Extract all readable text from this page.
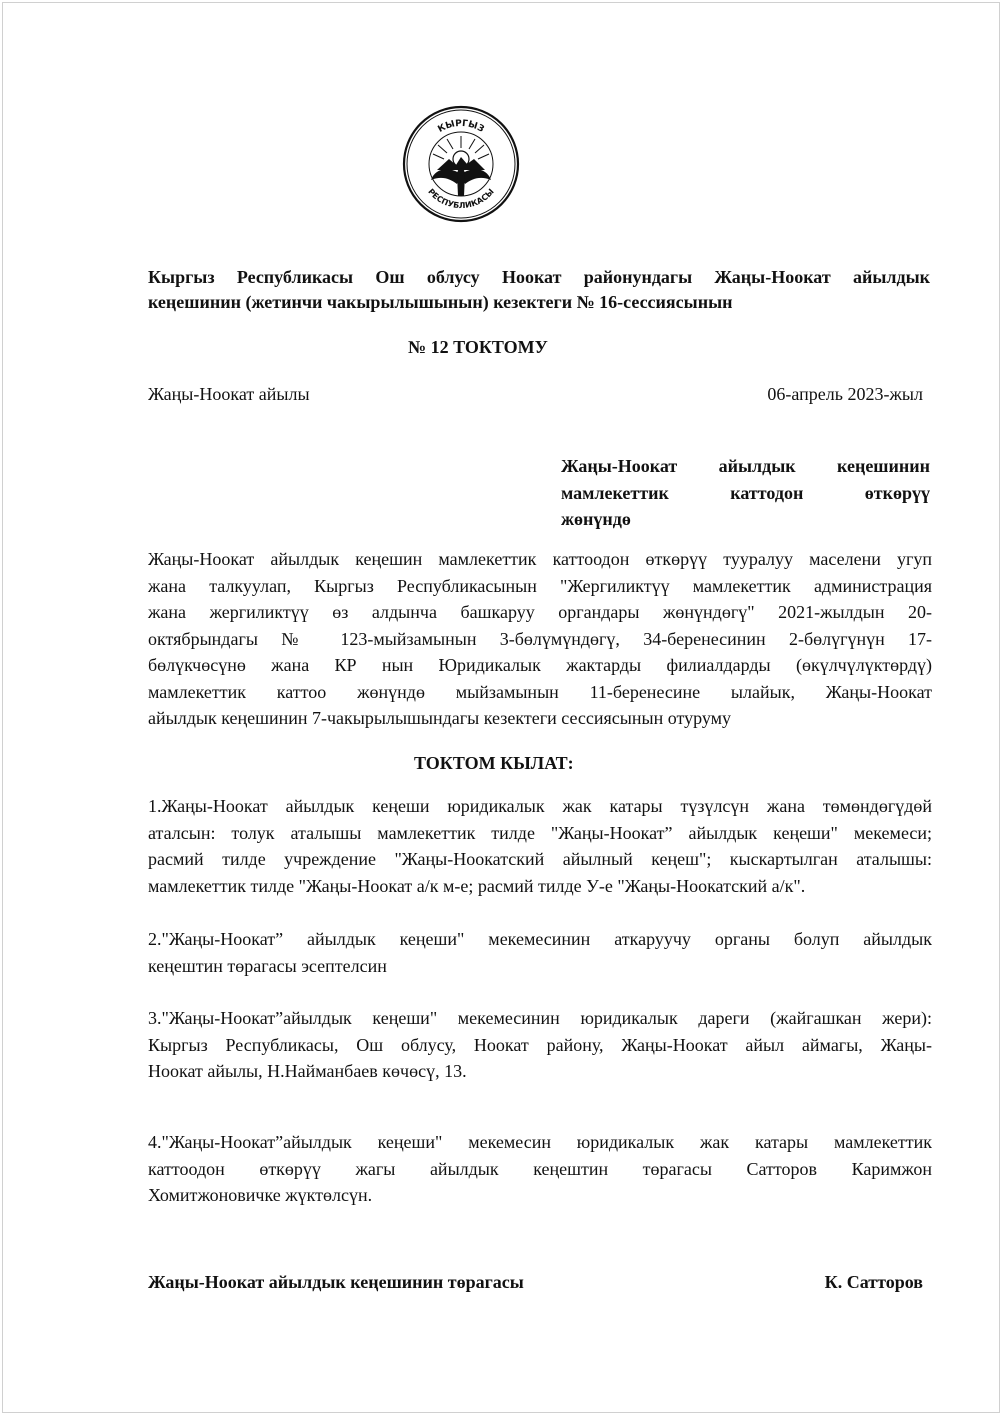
КЫРГЫЗ
РЕСПУБЛИКАСЫ
Кыргыз Республикасы Ош облусу Ноокат районундагы Жаңы-Ноокат айылдык
кеңешинин (жетинчи чакырылышынын) кезектеги № 16-сессиясынын
№ 12 ТОКТОМУ
Жаңы-Ноокат айылы	06-апрель 2023-жыл
Жаңы-Ноокат айылдык кеңешинин
мамлекеттик каттодон өткөрүү
жөнүндө
Жаңы-Ноокат айылдык кеңешин мамлекеттик каттоодон өткөрүү тууралуу маселени угуп
жана талкуулап, Кыргыз Республикасынын "Жергиликтүү мамлекеттик администрация
жана жергиликтүү өз алдынча башкаруу органдары жөнүндөгү" 2021-жылдын 20-
октябрындагы № 123-мыйзамынын 3-бөлүмүндөгү, 34-беренесинин 2-бөлүгүнүн 17-
бөлүкчөсүнө жана КР нын Юридикалык жактарды филиалдарды (өкүлчүлүктөрдү)
мамлекеттик каттоо жөнүндө мыйзамынын 11-беренесине ылайык, Жаңы-Ноокат
айылдык кеңешинин 7-чакырылышындагы кезектеги сессиясынын отуруму
ТОКТОМ КЫЛАТ:
1.Жаңы-Ноокат айылдык кеңеши юридикалык жак катары түзүлсүн жана төмөндөгүдөй
аталсын: толук аталышы мамлекеттик тилде "Жаңы-Ноокат” айылдык кеңеши" мекемеси;
расмий тилде учреждение "Жаңы-Ноокатский айылный кеңеш"; кыскартылган аталышы:
мамлекеттик тилде "Жаңы-Ноокат а/к м-е; расмий тилде У-е "Жаңы-Ноокатский а/к".
2."Жаңы-Ноокат” айылдык кеңеши" мекемесинин аткаруучу органы болуп айылдык
кеңештин төрагасы эсептелсин
3."Жаңы-Ноокат”айылдык кеңеши" мекемесинин юридикалык дареги (жайгашкан жери):
Кыргыз Республикасы, Ош облусу, Ноокат району, Жаңы-Ноокат айыл аймагы, Жаңы-
Ноокат айылы, Н.Найманбаев көчөсү, 13.
4."Жаңы-Ноокат”айылдык кеңеши" мекемесин юридикалык жак катары мамлекеттик
каттоодон өткөрүү жагы айылдык кеңештин төрагасы Сатторов Каримжон
Хомитжоновичке жүктөлсүн.
Жаңы-Ноокат айылдык кеңешинин төрагасы	К. Сатторов
